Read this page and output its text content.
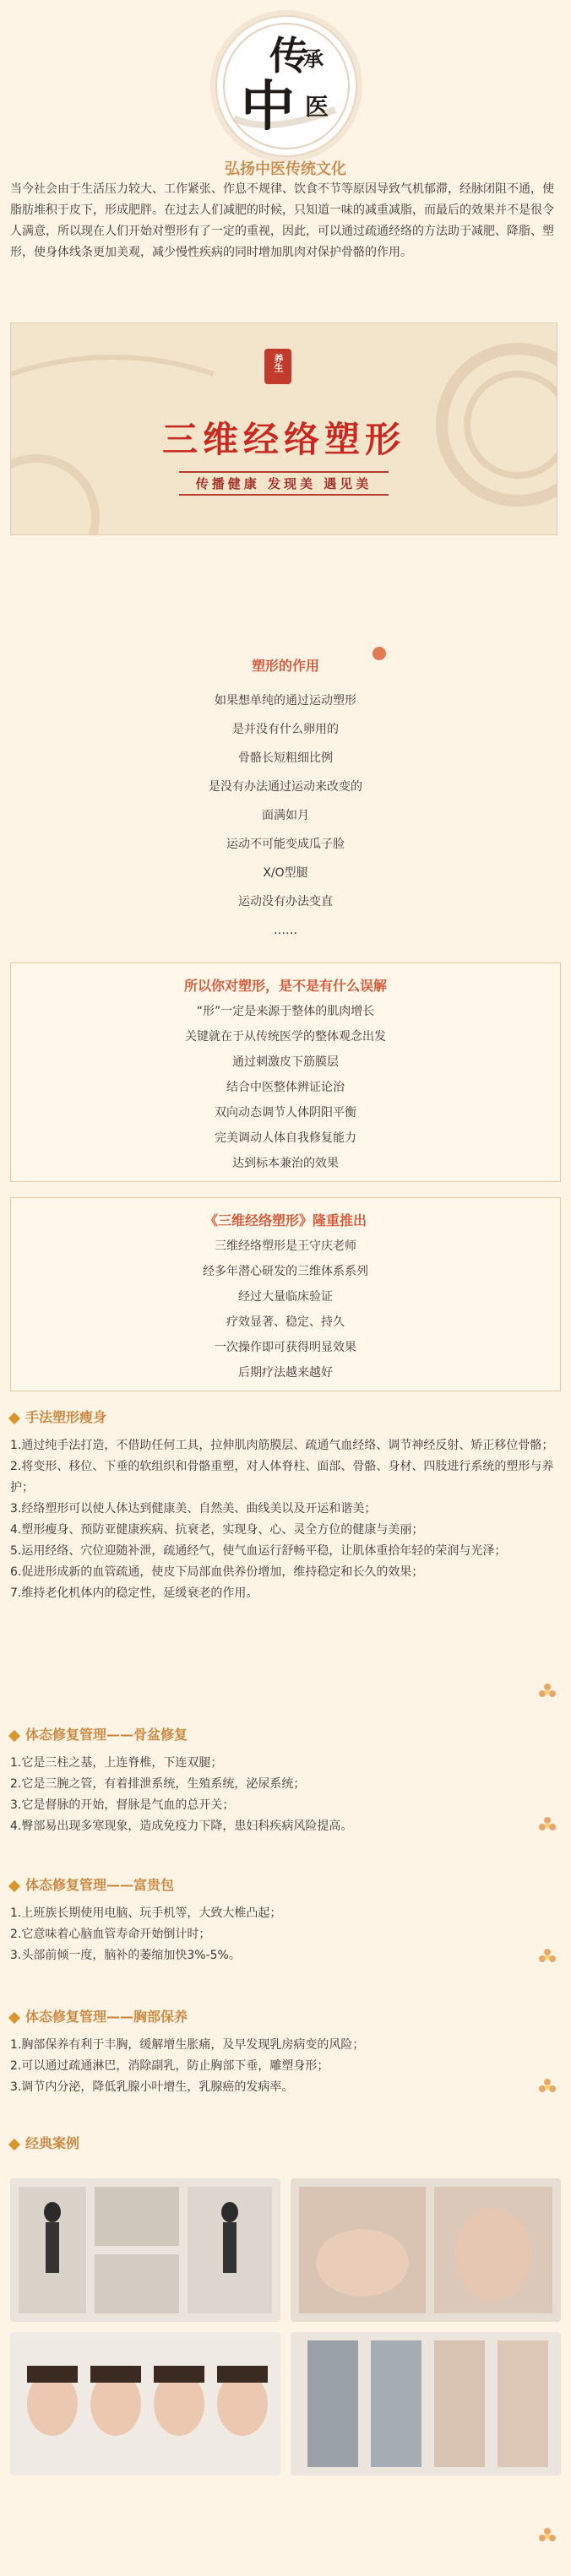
传
承
中 医
弘扬中医传统文化
当今社会由于生活压力较大、工作紧张、作息不规律、饮食不节等原因导致气机郁滞，经脉闭阻不通，使脂肪堆积于皮下，形成肥胖。在过去人们减肥的时候，只知道一味的减重减脂，而最后的效果并不是很令人满意，所以现在人们开始对塑形有了一定的重视，因此，可以通过疏通经络的方法助于减肥、降脂、塑形，使身体线条更加美观，减少慢性疾病的同时增加肌肉对保护骨骼的作用。
养生
三维经络塑形
传播健康 发现美 遇见美
塑形的作用
如果想单纯的通过运动塑形
是并没有什么卵用的
骨骼长短粗细比例
是没有办法通过运动来改变的
面满如月
运动不可能变成瓜子脸
X/O型腿
运动没有办法变直
……
所以你对塑形，是不是有什么误解
“形”一定是来源于整体的肌肉增长
关键就在于从传统医学的整体观念出发
通过刺激皮下筋膜层
结合中医整体辨证论治
双向动态调节人体阴阳平衡
完美调动人体自我修复能力
达到标本兼治的效果
《三维经络塑形》隆重推出
三维经络塑形是王守庆老师
经多年潜心研发的三维体系系列
经过大量临床验证
疗效显著、稳定、持久
一次操作即可获得明显效果
后期疗法越来越好
手法塑形瘦身
1.通过纯手法打造，不借助任何工具，拉伸肌肉筋膜层、疏通气血经络、调节神经反射、矫正移位骨骼；
2.将变形、移位、下垂的软组织和骨骼重塑，对人体脊柱、面部、骨骼、身材、四肢进行系统的塑形与养护；
3.经络塑形可以使人体达到健康美、自然美、曲线美以及开运和谐美；
4.塑形瘦身、预防亚健康疾病、抗衰老，实现身、心、灵全方位的健康与美丽；
5.运用经络、穴位迎随补泄，疏通经气，使气血运行舒畅平稳，让肌体重拾年轻的荣润与光泽；
6.促进形成新的血管疏通，使皮下局部血供养份增加，维持稳定和长久的效果；
7.维持老化机体内的稳定性，延缓衰老的作用。
体态修复管理——骨盆修复
1.它是三柱之基，上连脊椎，下连双腿；
2.它是三腕之管，有着排泄系统，生殖系统，泌尿系统；
3.它是督脉的开始，督脉是气血的总开关；
4.臀部易出现多寒现象，造成免疫力下降，患妇科疾病风险提高。
体态修复管理——富贵包
1.上班族长期使用电脑、玩手机等，大致大椎凸起；
2.它意味着心脑血管寿命开始倒计时；
3.头部前倾一度，脑补的萎缩加快3%-5%。
体态修复管理——胸部保养
1.胸部保养有利于丰胸，缓解增生胀痛，及早发现乳房病变的风险；
2.可以通过疏通淋巴，消除副乳，防止胸部下垂，雕塑身形；
3.调节内分泌，降低乳腺小叶增生，乳腺癌的发病率。
经典案例
